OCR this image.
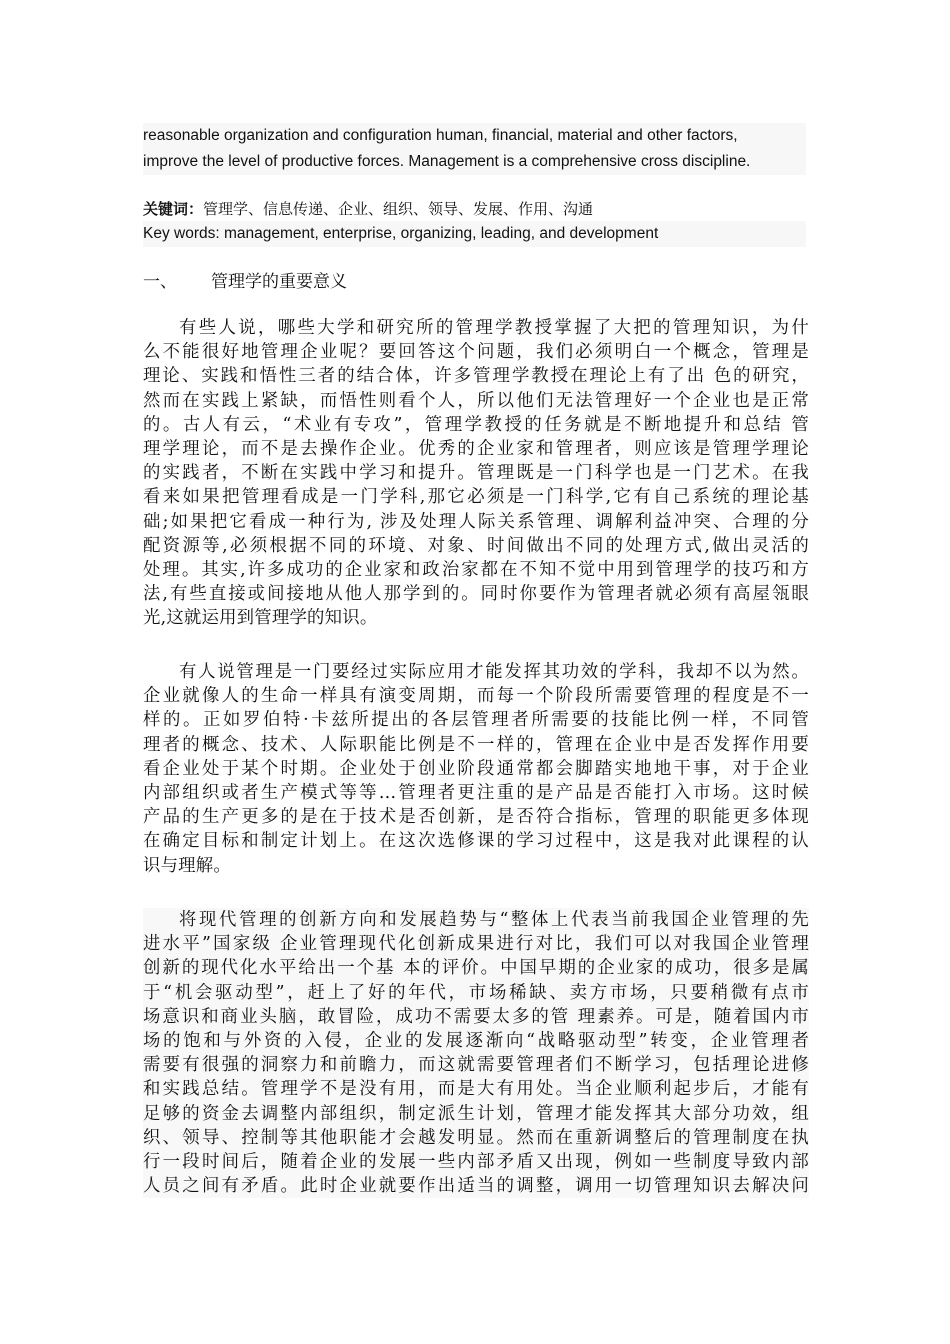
reasonable organization and configuration human, financial, material and other factors,
improve the level of productive forces. Management is a comprehensive cross discipline.
关键词：管理学、信息传递、企业、组织、领导、发展、作用、沟通
Key words: management, enterprise, organizing, leading, and development
一、 管理学的重要意义
有些人说，哪些大学和研究所的管理学教授掌握了大把的管理知识，为什
么不能很好地管理企业呢？要回答这个问题，我们必须明白一个概念，管理是
理论、实践和悟性三者的结合体，许多管理学教授在理论上有了出 色的研究，
然而在实践上紧缺，而悟性则看个人，所以他们无法管理好一个企业也是正常
的。古人有云，“术业有专攻”，管理学教授的任务就是不断地提升和总结 管
理学理论，而不是去操作企业。优秀的企业家和管理者，则应该是管理学理论
的实践者，不断在实践中学习和提升。管理既是一门科学也是一门艺术。在我
看来如果把管理看成是一门学科,那它必须是一门科学,它有自己系统的理论基
础;如果把它看成一种行为, 涉及处理人际关系管理、调解利益冲突、合理的分
配资源等,必须根据不同的环境、对象、时间做出不同的处理方式,做出灵活的
处理。其实,许多成功的企业家和政治家都在不知不觉中用到管理学的技巧和方
法,有些直接或间接地从他人那学到的。同时你要作为管理者就必须有高屋瓴眼
光,这就运用到管理学的知识。
有人说管理是一门要经过实际应用才能发挥其功效的学科，我却不以为然。
企业就像人的生命一样具有演变周期，而每一个阶段所需要管理的程度是不一
样的。正如罗伯特·卡兹所提出的各层管理者所需要的技能比例一样，不同管
理者的概念、技术、人际职能比例是不一样的，管理在企业中是否发挥作用要
看企业处于某个时期。企业处于创业阶段通常都会脚踏实地地干事，对于企业
内部组织或者生产模式等等…管理者更注重的是产品是否能打入市场。这时候
产品的生产更多的是在于技术是否创新，是否符合指标，管理的职能更多体现
在确定目标和制定计划上。在这次选修课的学习过程中，这是我对此课程的认
识与理解。
将现代管理的创新方向和发展趋势与“整体上代表当前我国企业管理的先
进水平”国家级 企业管理现代化创新成果进行对比，我们可以对我国企业管理
创新的现代化水平给出一个基 本的评价。中国早期的企业家的成功，很多是属
于“机会驱动型”，赶上了好的年代，市场稀缺、卖方市场，只要稍微有点市
场意识和商业头脑，敢冒险，成功不需要太多的管 理素养。可是，随着国内市
场的饱和与外资的入侵，企业的发展逐渐向“战略驱动型”转变，企业管理者
需要有很强的洞察力和前瞻力，而这就需要管理者们不断学习，包括理论进修
和实践总结。管理学不是没有用，而是大有用处。当企业顺利起步后，才能有
足够的资金去调整内部组织，制定派生计划，管理才能发挥其大部分功效，组
织、领导、控制等其他职能才会越发明显。然而在重新调整后的管理制度在执
行一段时间后，随着企业的发展一些内部矛盾又出现，例如一些制度导致内部
人员之间有矛盾。此时企业就要作出适当的调整，调用一切管理知识去解决问
